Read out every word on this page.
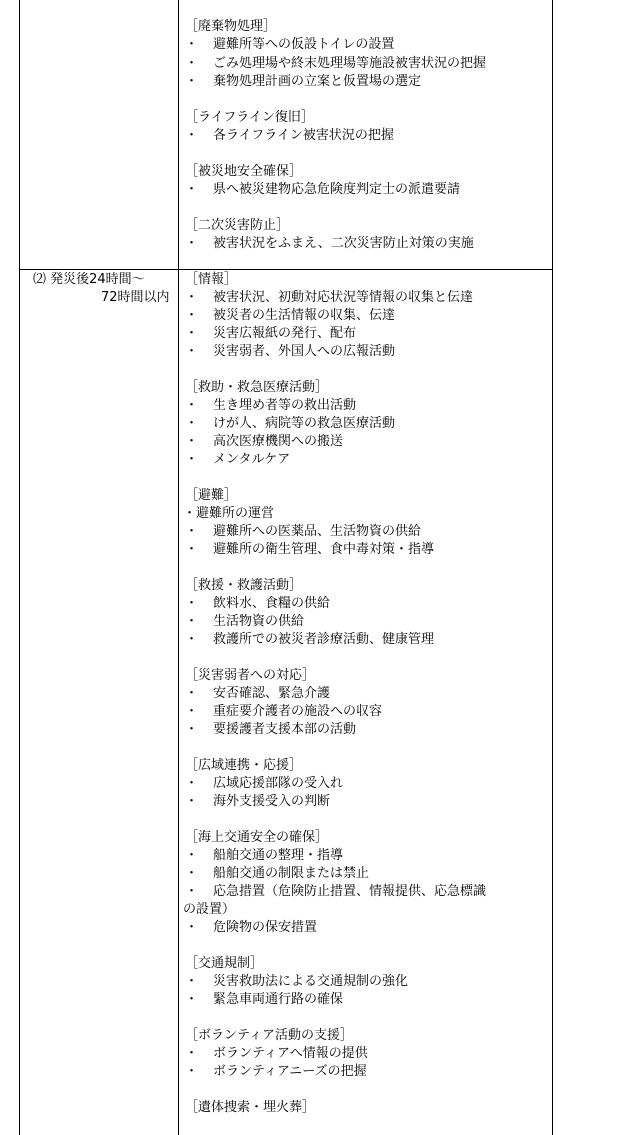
［廃棄物処理］
・ 避難所等への仮設トイレの設置
・ ごみ処理場や終末処理場等施設被害状況の把握
・ 棄物処理計画の立案と仮置場の選定
［ライフライン復旧］
・ 各ライフライン被害状況の把握
［被災地安全確保］
・ 県へ被災建物応急危険度判定士の派遣要請
［二次災害防止］
・ 被害状況をふまえ、二次災害防止対策の実施
⑵ 発災後24時間～
72時間以内
［情報］
・ 被害状況、初動対応状況等情報の収集と伝達
・ 被災者の生活情報の収集、伝達
・ 災害広報紙の発行、配布
・ 災害弱者、外国人への広報活動
［救助・救急医療活動］
・ 生き埋め者等の救出活動
・ けが人、病院等の救急医療活動
・ 高次医療機関への搬送
・ メンタルケア
［避難］
・避難所の運営
・ 避難所への医薬品、生活物資の供給
・ 避難所の衛生管理、食中毒対策・指導
［救援・救護活動］
・ 飲料水、食糧の供給
・ 生活物資の供給
・ 救護所での被災者診療活動、健康管理
［災害弱者への対応］
・ 安否確認、緊急介護
・ 重症要介護者の施設への収容
・ 要援護者支援本部の活動
［広域連携・応援］
・ 広域応援部隊の受入れ
・ 海外支援受入の判断
［海上交通安全の確保］
・ 船舶交通の整理・指導
・ 船舶交通の制限または禁止
・ 応急措置（危険防止措置、情報提供、応急標識
の設置）
・ 危険物の保安措置
［交通規制］
・ 災害救助法による交通規制の強化
・ 緊急車両通行路の確保
［ボランティア活動の支援］
・ ボランティアへ情報の提供
・ ボランティアニーズの把握
［遺体捜索・埋火葬］
